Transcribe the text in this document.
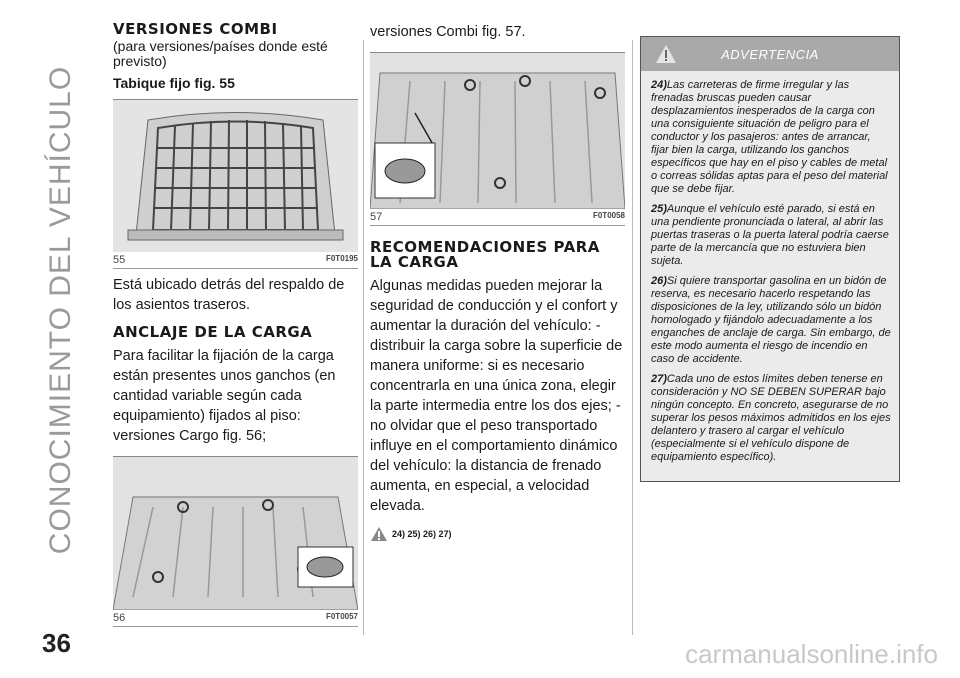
CONOCIMIENTO DEL VEHÍCULO
36	carmanualsonline.info
VERSIONES COMBI
(para versiones/países donde esté previsto)
Tabique fijo fig. 55
55	F0T0195

Está ubicado detrás del respaldo de los asientos traseros.

ANCLAJE DE LA CARGA

Para facilitar la fijación de la carga están presentes unos ganchos (en cantidad variable según cada equipamiento) fijados al piso:

versiones Cargo fig. 56;

56	F0T0057

versiones Combi fig. 57.

57	F0T0058
RECOMENDACIONES PARA LA CARGA

Algunas medidas pueden mejorar la seguridad de conducción y el confort y aumentar la duración del vehículo: - distribuir la carga sobre la superficie de manera uniforme: si es necesario concentrarla en una única zona, elegir la parte intermedia entre los dos ejes; - no olvidar que el peso transportado influye en el comportamiento dinámico del vehículo: la distancia de frenado aumenta, en especial, a velocidad elevada.

24) 25) 26) 27)
ADVERTENCIA

24)Las carreteras de firme irregular y las frenadas bruscas pueden causar desplazamientos inesperados de la carga con una consiguiente situación de peligro para el conductor y los pasajeros: antes de arrancar, fijar bien la carga, utilizando los ganchos específicos que hay en el piso y cables de metal o correas sólidas aptas para el peso del material que se debe fijar.

25)Aunque el vehículo esté parado, si está en una pendiente pronunciada o lateral, al abrir las puertas traseras o la puerta lateral podría caerse parte de la mercancía que no estuviera bien sujeta.

26)Si quiere transportar gasolina en un bidón de reserva, es necesario hacerlo respetando las disposiciones de la ley, utilizando sólo un bidón homologado y fijándolo adecuadamente a los enganches de anclaje de carga. Sin embargo, de este modo aumenta el riesgo de incendio en caso de accidente.

27)Cada uno de estos límites deben tenerse en consideración y NO SE DEBEN SUPERAR bajo ningún concepto. En concreto, asegurarse de no superar los pesos máximos admitidos en los ejes delantero y trasero al cargar el vehículo (especialmente si el vehículo dispone de equipamiento específico).
